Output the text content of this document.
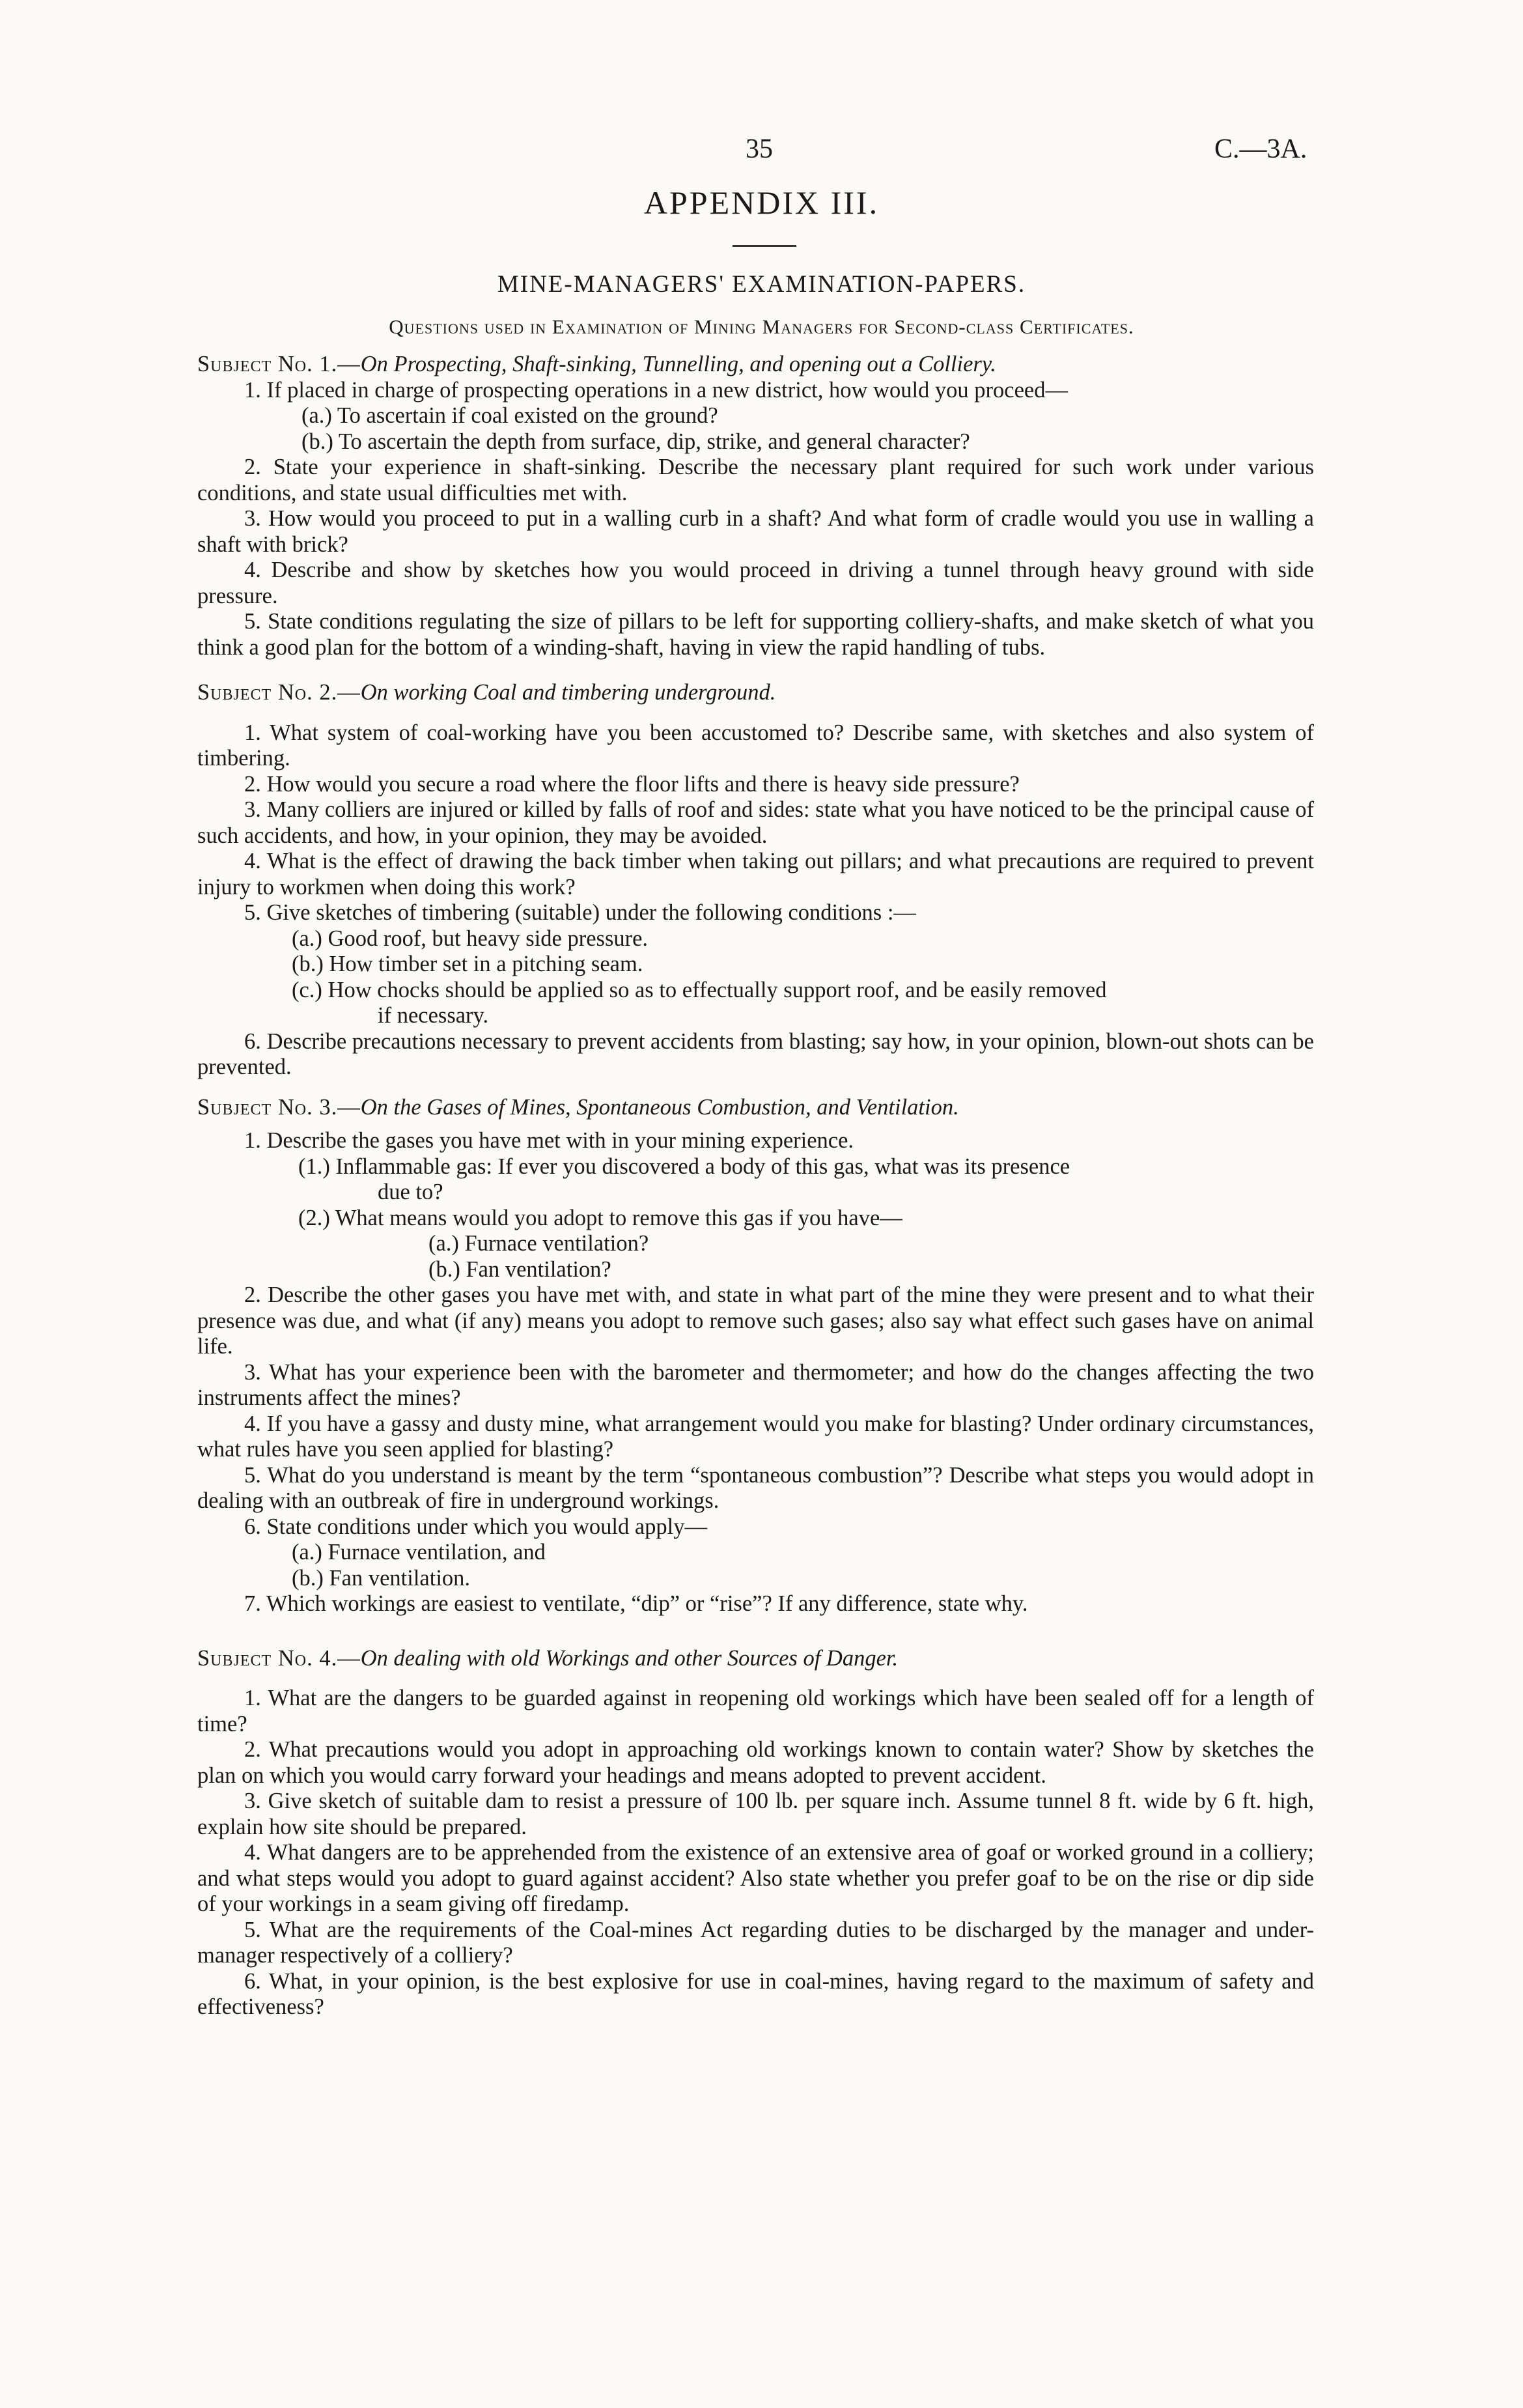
35	C.—3A.
APPENDIX III.
MINE-MANAGERS' EXAMINATION-PAPERS.
Questions used in Examination of Mining Managers for Second-class Certificates.

Subject No. 1.—On Prospecting, Shaft-sinking, Tunnelling, and opening out a Colliery.

1. If placed in charge of prospecting operations in a new district, how would you proceed—

(a.) To ascertain if coal existed on the ground?

(b.) To ascertain the depth from surface, dip, strike, and general character?

2. State your experience in shaft-sinking. Describe the necessary plant required for such work under various conditions, and state usual difficulties met with.

3. How would you proceed to put in a walling curb in a shaft? And what form of cradle would you use in walling a shaft with brick?

4. Describe and show by sketches how you would proceed in driving a tunnel through heavy ground with side pressure.

5. State conditions regulating the size of pillars to be left for supporting colliery-shafts, and make sketch of what you think a good plan for the bottom of a winding-shaft, having in view the rapid handling of tubs.

Subject No. 2.—On working Coal and timbering underground.

1. What system of coal-working have you been accustomed to? Describe same, with sketches and also system of timbering.

2. How would you secure a road where the floor lifts and there is heavy side pressure?

3. Many colliers are injured or killed by falls of roof and sides: state what you have noticed to be the principal cause of such accidents, and how, in your opinion, they may be avoided.

4. What is the effect of drawing the back timber when taking out pillars; and what precautions are required to prevent injury to workmen when doing this work?

5. Give sketches of timbering (suitable) under the following conditions :—

(a.) Good roof, but heavy side pressure.

(b.) How timber set in a pitching seam.

(c.) How chocks should be applied so as to effectually support roof, and be easily removed

if necessary.

6. Describe precautions necessary to prevent accidents from blasting; say how, in your opinion, blown-out shots can be prevented.

Subject No. 3.—On the Gases of Mines, Spontaneous Combustion, and Ventilation.

1. Describe the gases you have met with in your mining experience.

(1.) Inflammable gas: If ever you discovered a body of this gas, what was its presence

due to?

(2.) What means would you adopt to remove this gas if you have—

(a.) Furnace ventilation?

(b.) Fan ventilation?

2. Describe the other gases you have met with, and state in what part of the mine they were present and to what their presence was due, and what (if any) means you adopt to remove such gases; also say what effect such gases have on animal life.

3. What has your experience been with the barometer and thermometer; and how do the changes affecting the two instruments affect the mines?

4. If you have a gassy and dusty mine, what arrangement would you make for blasting? Under ordinary circumstances, what rules have you seen applied for blasting?

5. What do you understand is meant by the term “spontaneous combustion”? Describe what steps you would adopt in dealing with an outbreak of fire in underground workings.

6. State conditions under which you would apply—

(a.) Furnace ventilation, and

(b.) Fan ventilation.

7. Which workings are easiest to ventilate, “dip” or “rise”? If any difference, state why.

Subject No. 4.—On dealing with old Workings and other Sources of Danger.

1. What are the dangers to be guarded against in reopening old workings which have been sealed off for a length of time?

2. What precautions would you adopt in approaching old workings known to contain water? Show by sketches the plan on which you would carry forward your headings and means adopted to prevent accident.

3. Give sketch of suitable dam to resist a pressure of 100 lb. per square inch. Assume tunnel 8 ft. wide by 6 ft. high, explain how site should be prepared.

4. What dangers are to be apprehended from the existence of an extensive area of goaf or worked ground in a colliery; and what steps would you adopt to guard against accident? Also state whether you prefer goaf to be on the rise or dip side of your workings in a seam giving off firedamp.

5. What are the requirements of the Coal-mines Act regarding duties to be discharged by the manager and under-manager respectively of a colliery?

6. What, in your opinion, is the best explosive for use in coal-mines, having regard to the maximum of safety and effectiveness?
